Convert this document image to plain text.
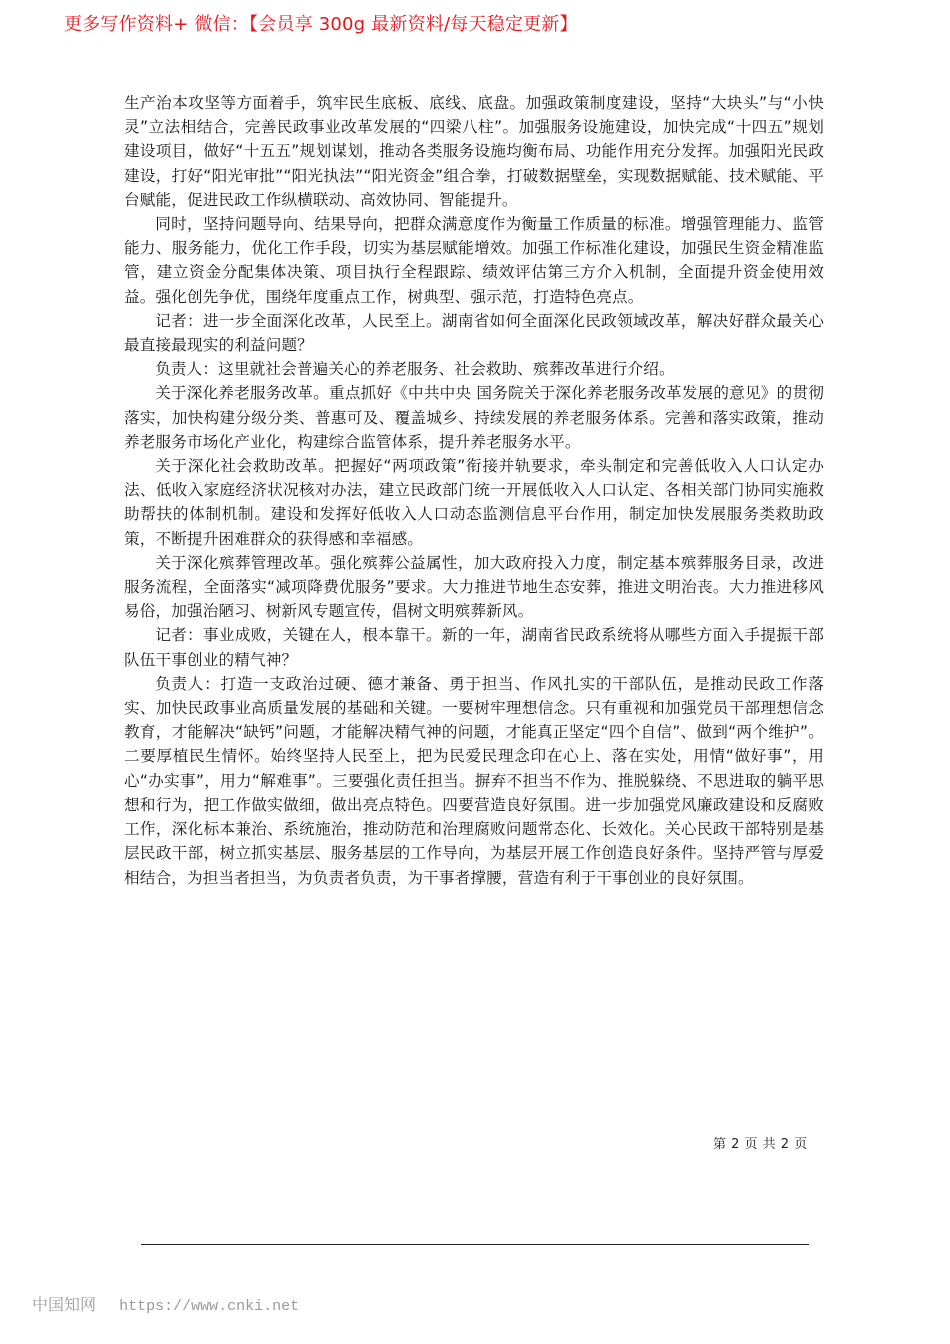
更多写作资料+ 微信：【会员享 300g 最新资料/每天稳定更新】

生产治本攻坚等方面着手，筑牢民生底板、底线、底盘。加强政策制度建设，坚持“大块头”与“小快灵”立法相结合，完善民政事业改革发展的“四梁八柱”。加强服务设施建设，加快完成“十四五”规划建设项目，做好“十五五”规划谋划，推动各类服务设施均衡布局、功能作用充分发挥。加强阳光民政建设，打好“阳光审批”“阳光执法”“阳光资金”组合拳，打破数据壁垒，实现数据赋能、技术赋能、平台赋能，促进民政工作纵横联动、高效协同、智能提升。

同时，坚持问题导向、结果导向，把群众满意度作为衡量工作质量的标准。增强管理能力、监管能力、服务能力，优化工作手段，切实为基层赋能增效。加强工作标准化建设，加强民生资金精准监管，建立资金分配集体决策、项目执行全程跟踪、绩效评估第三方介入机制，全面提升资金使用效益。强化创先争优，围绕年度重点工作，树典型、强示范，打造特色亮点。

记者：进一步全面深化改革，人民至上。湖南省如何全面深化民政领域改革，解决好群众最关心最直接最现实的利益问题？

负责人：这里就社会普遍关心的养老服务、社会救助、殡葬改革进行介绍。

关于深化养老服务改革。重点抓好《中共中央 国务院关于深化养老服务改革发展的意见》的贯彻落实，加快构建分级分类、普惠可及、覆盖城乡、持续发展的养老服务体系。完善和落实政策，推动养老服务市场化产业化，构建综合监管体系，提升养老服务水平。

关于深化社会救助改革。把握好“两项政策”衔接并轨要求，牵头制定和完善低收入人口认定办法、低收入家庭经济状况核对办法，建立民政部门统一开展低收入人口认定、各相关部门协同实施救助帮扶的体制机制。建设和发挥好低收入人口动态监测信息平台作用，制定加快发展服务类救助政策，不断提升困难群众的获得感和幸福感。

关于深化殡葬管理改革。强化殡葬公益属性，加大政府投入力度，制定基本殡葬服务目录，改进服务流程，全面落实“减项降费优服务”要求。大力推进节地生态安葬，推进文明治丧。大力推进移风易俗，加强治陋习、树新风专题宣传，倡树文明殡葬新风。

记者：事业成败，关键在人，根本靠干。新的一年，湖南省民政系统将从哪些方面入手提振干部队伍干事创业的精气神？

负责人：打造一支政治过硬、德才兼备、勇于担当、作风扎实的干部队伍，是推动民政工作落实、加快民政事业高质量发展的基础和关键。一要树牢理想信念。只有重视和加强党员干部理想信念教育，才能解决“缺钙”问题，才能解决精气神的问题，才能真正坚定“四个自信”、做到“两个维护”。二要厚植民生情怀。始终坚持人民至上，把为民爱民理念印在心上、落在实处，用情“做好事”，用心“办实事”，用力“解难事”。三要强化责任担当。摒弃不担当不作为、推脱躲绕、不思进取的躺平思想和行为，把工作做实做细，做出亮点特色。四要营造良好氛围。进一步加强党风廉政建设和反腐败工作，深化标本兼治、系统施治，推动防范和治理腐败问题常态化、长效化。关心民政干部特别是基层民政干部，树立抓实基层、服务基层的工作导向，为基层开展工作创造良好条件。坚持严管与厚爱相结合，为担当者担当，为负责者负责，为干事者撑腰，营造有利于干事创业的良好氛围。

第 2 页 共 2 页
中国知网 https://www.cnki.net
